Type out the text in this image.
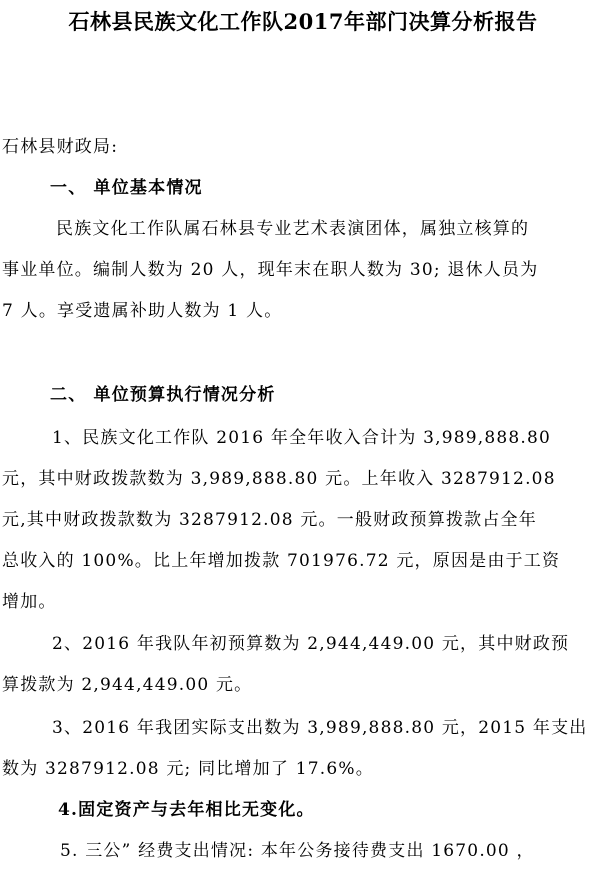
石林县民族文化工作队2017年部门决算分析报告
石林县财政局:
一、 单位基本情况
民族文化工作队属石林县专业艺术表演团体，属独立核算的
事业单位。编制人数为 20 人，现年末在职人数为 30; 退休人员为
7 人。享受遗属补助人数为 1 人。
二、 单位预算执行情况分析
1、民族文化工作队 2016 年全年收入合计为 3,989,888.80
元，其中财政拨款数为 3,989,888.80 元。上年收入 3287912.08
元,其中财政拨款数为 3287912.08 元。一般财政预算拨款占全年
总收入的 100%。比上年增加拨款 701976.72 元，原因是由于工资
增加。
2、2016 年我队年初预算数为 2,944,449.00 元，其中财政预
算拨款为 2,944,449.00 元。
3、2016 年我团实际支出数为 3,989,888.80 元，2015 年支出
数为 3287912.08 元; 同比增加了 17.6%。
4.固定资产与去年相比无变化。
5. 三公” 经费支出情况: 本年公务接待费支出 1670.00 ，
